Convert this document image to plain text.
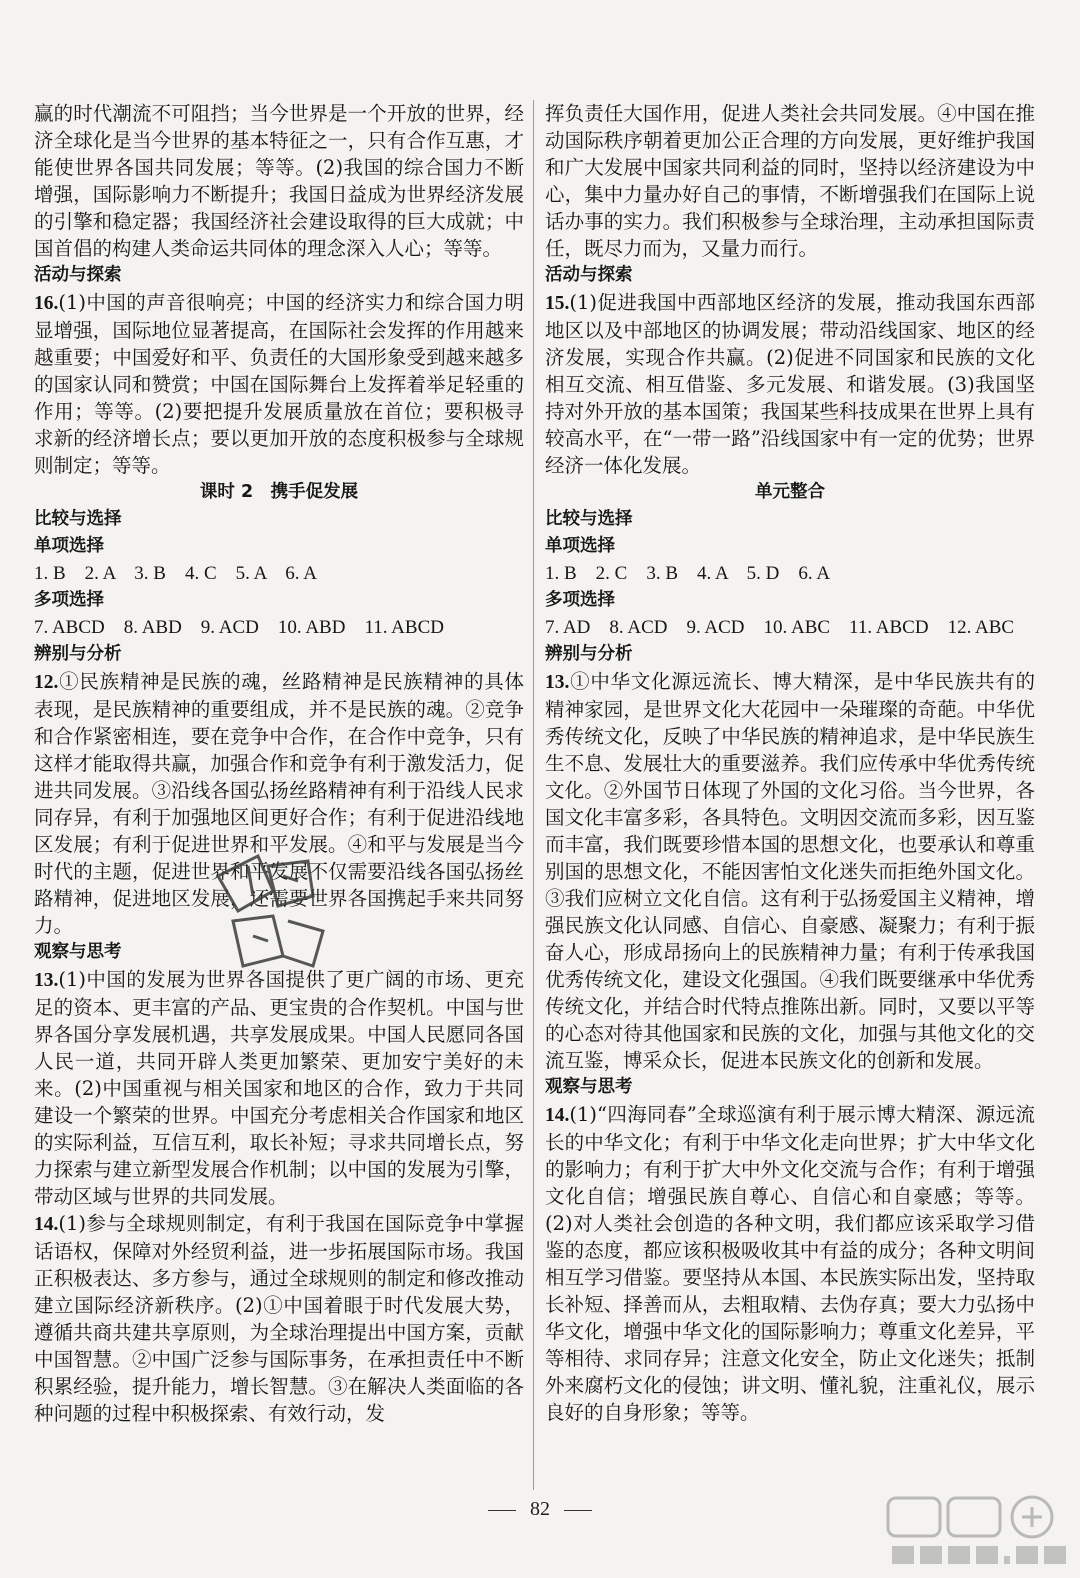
赢的时代潮流不可阻挡；当今世界是一个开放的世界，经济全球化是当今世界的基本特征之一，只有合作互惠，才能使世界各国共同发展；等等。(2)我国的综合国力不断增强，国际影响力不断提升；我国日益成为世界经济发展的引擎和稳定器；我国经济社会建设取得的巨大成就；中国首倡的构建人类命运共同体的理念深入人心；等等。

活动与探索

16.(1)中国的声音很响亮；中国的经济实力和综合国力明显增强，国际地位显著提高，在国际社会发挥的作用越来越重要；中国爱好和平、负责任的大国形象受到越来越多的国家认同和赞赏；中国在国际舞台上发挥着举足轻重的作用；等等。(2)要把提升发展质量放在首位；要积极寻求新的经济增长点；要以更加开放的态度积极参与全球规则制定；等等。

课时 2　携手促发展

比较与选择

单项选择

1. B    2. A    3. B    4. C    5. A    6. A

多项选择

7. ABCD    8. ABD    9. ACD    10. ABD    11. ABCD

辨别与分析

12.①民族精神是民族的魂，丝路精神是民族精神的具体表现，是民族精神的重要组成，并不是民族的魂。②竞争和合作紧密相连，要在竞争中合作，在合作中竞争，只有这样才能取得共赢，加强合作和竞争有利于激发活力，促进共同发展。③沿线各国弘扬丝路精神有利于沿线人民求同存异，有利于加强地区间更好合作；有利于促进沿线地区发展；有利于促进世界和平发展。④和平与发展是当今时代的主题，促进世界和平发展不仅需要沿线各国弘扬丝路精神，促进地区发展，还需要世界各国携起手来共同努力。

观察与思考

13.(1)中国的发展为世界各国提供了更广阔的市场、更充足的资本、更丰富的产品、更宝贵的合作契机。中国与世界各国分享发展机遇，共享发展成果。中国人民愿同各国人民一道，共同开辟人类更加繁荣、更加安宁美好的未来。(2)中国重视与相关国家和地区的合作，致力于共同建设一个繁荣的世界。中国充分考虑相关合作国家和地区的实际利益，互信互利，取长补短；寻求共同增长点，努力探索与建立新型发展合作机制；以中国的发展为引擎，带动区域与世界的共同发展。

14.(1)参与全球规则制定，有利于我国在国际竞争中掌握话语权，保障对外经贸利益，进一步拓展国际市场。我国正积极表达、多方参与，通过全球规则的制定和修改推动建立国际经济新秩序。(2)①中国着眼于时代发展大势，遵循共商共建共享原则，为全球治理提出中国方案，贡献中国智慧。②中国广泛参与国际事务，在承担责任中不断积累经验，提升能力，增长智慧。③在解决人类面临的各种问题的过程中积极探索、有效行动，发

挥负责任大国作用，促进人类社会共同发展。④中国在推动国际秩序朝着更加公正合理的方向发展，更好维护我国和广大发展中国家共同利益的同时，坚持以经济建设为中心，集中力量办好自己的事情，不断增强我们在国际上说话办事的实力。我们积极参与全球治理，主动承担国际责任，既尽力而为，又量力而行。

活动与探索

15.(1)促进我国中西部地区经济的发展，推动我国东西部地区以及中部地区的协调发展；带动沿线国家、地区的经济发展，实现合作共赢。(2)促进不同国家和民族的文化相互交流、相互借鉴、多元发展、和谐发展。(3)我国坚持对外开放的基本国策；我国某些科技成果在世界上具有较高水平，在“一带一路”沿线国家中有一定的优势；世界经济一体化发展。

单元整合

比较与选择

单项选择

1. B    2. C    3. B    4. A    5. D    6. A

多项选择

7. AD    8. ACD    9. ACD    10. ABC    11. ABCD    12. ABC

辨别与分析

13.①中华文化源远流长、博大精深，是中华民族共有的精神家园，是世界文化大花园中一朵璀璨的奇葩。中华优秀传统文化，反映了中华民族的精神追求，是中华民族生生不息、发展壮大的重要滋养。我们应传承中华优秀传统文化。②外国节日体现了外国的文化习俗。当今世界，各国文化丰富多彩，各具特色。文明因交流而多彩，因互鉴而丰富，我们既要珍惜本国的思想文化，也要承认和尊重别国的思想文化，不能因害怕文化迷失而拒绝外国文化。③我们应树立文化自信。这有利于弘扬爱国主义精神，增强民族文化认同感、自信心、自豪感、凝聚力；有利于振奋人心，形成昂扬向上的民族精神力量；有利于传承我国优秀传统文化，建设文化强国。④我们既要继承中华优秀传统文化，并结合时代特点推陈出新。同时，又要以平等的心态对待其他国家和民族的文化，加强与其他文化的交流互鉴，博采众长，促进本民族文化的创新和发展。

观察与思考

14.(1)“四海同春”全球巡演有利于展示博大精深、源远流长的中华文化；有利于中华文化走向世界；扩大中华文化的影响力；有利于扩大中外文化交流与合作；有利于增强文化自信；增强民族自尊心、自信心和自豪感；等等。(2)对人类社会创造的各种文明，我们都应该采取学习借鉴的态度，都应该积极吸收其中有益的成分；各种文明间相互学习借鉴。要坚持从本国、本民族实际出发，坚持取长补短、择善而从，去粗取精、去伪存真；要大力弘扬中华文化，增强中华文化的国际影响力；尊重文化差异，平等相待、求同存异；注意文化安全，防止文化迷失；抵制外来腐朽文化的侵蚀；讲文明、懂礼貌，注重礼仪，展示良好的自身形象；等等。

82
